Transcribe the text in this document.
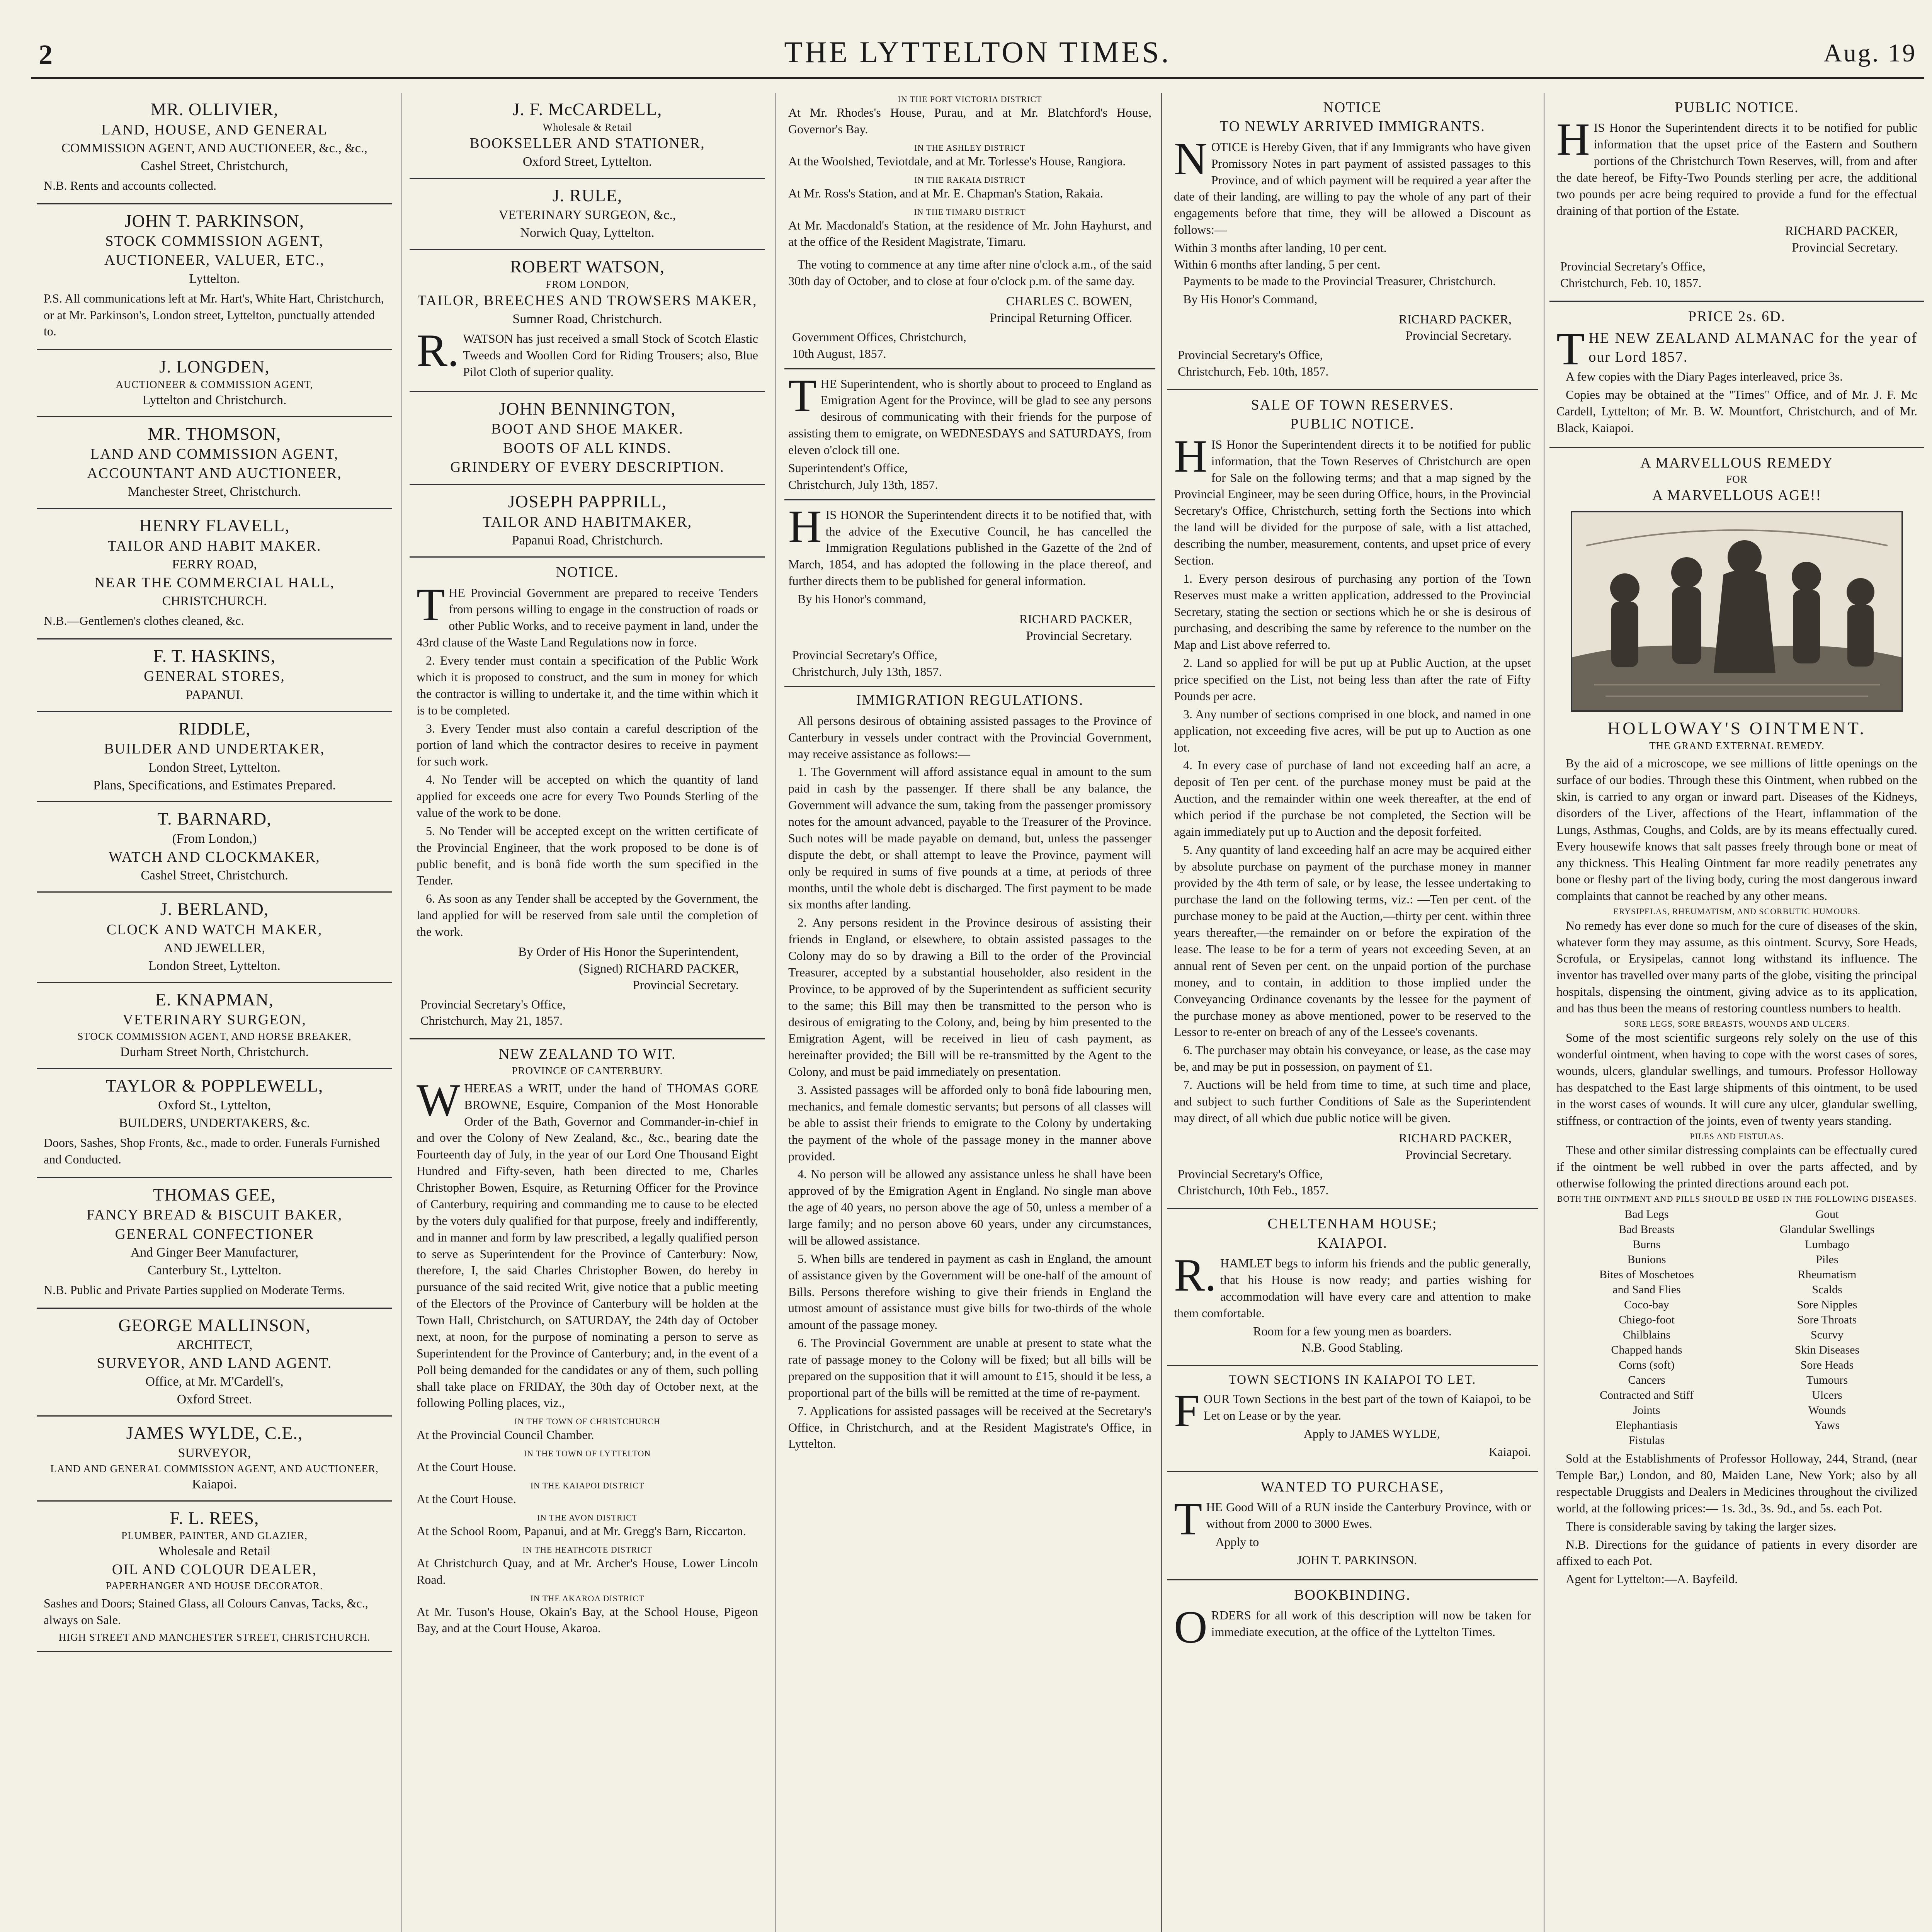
2	THE LYTTELTON TIMES.	Aug. 19
MR. OLLIVIER,
LAND, HOUSE, AND GENERAL
COMMISSION AGENT, AND AUCTIONEER, &c., &c.,
Cashel Street, Christchurch,
N.B. Rents and accounts collected.
JOHN T. PARKINSON,
STOCK COMMISSION AGENT,
AUCTIONEER, VALUER, ETC.,
Lyttelton.
P.S. All communications left at Mr. Hart's, White Hart, Christchurch, or at Mr. Parkinson's, London street, Lyttelton, punctually attended to.
J. LONGDEN,
AUCTIONEER & COMMISSION AGENT,
Lyttelton and Christchurch.
MR. THOMSON,
LAND AND COMMISSION AGENT,
ACCOUNTANT AND AUCTIONEER,
Manchester Street, Christchurch.
HENRY FLAVELL,
TAILOR AND HABIT MAKER.
FERRY ROAD,
NEAR THE COMMERCIAL HALL,
CHRISTCHURCH.
N.B.—Gentlemen's clothes cleaned, &c.
F. T. HASKINS,
GENERAL STORES,
PAPANUI.
RIDDLE,
BUILDER AND UNDERTAKER,
London Street, Lyttelton.
Plans, Specifications, and Estimates Prepared.
T. BARNARD,
(From London,)
WATCH AND CLOCKMAKER,
Cashel Street, Christchurch.
J. BERLAND,
CLOCK AND WATCH MAKER,
AND JEWELLER,
London Street, Lyttelton.
E. KNAPMAN,
VETERINARY SURGEON,
STOCK COMMISSION AGENT, AND HORSE BREAKER,
Durham Street North, Christchurch.
TAYLOR & POPPLEWELL,
Oxford St., Lyttelton,
BUILDERS, UNDERTAKERS, &c.
Doors, Sashes, Shop Fronts, &c., made to order. Funerals Furnished and Conducted.
THOMAS GEE,
FANCY BREAD & BISCUIT BAKER,
GENERAL CONFECTIONER
And Ginger Beer Manufacturer,
Canterbury St., Lyttelton.
N.B. Public and Private Parties supplied on Moderate Terms.
GEORGE MALLINSON,
ARCHITECT,
SURVEYOR, AND LAND AGENT.
Office, at Mr. M'Cardell's,
Oxford Street.
JAMES WYLDE, C.E.,
SURVEYOR,
LAND AND GENERAL COMMISSION AGENT, AND AUCTIONEER,
Kaiapoi.
F. L. REES,
PLUMBER, PAINTER, AND GLAZIER,
Wholesale and Retail
OIL AND COLOUR DEALER,
PAPERHANGER AND HOUSE DECORATOR.
Sashes and Doors; Stained Glass, all Colours Canvas, Tacks, &c., always on Sale.
HIGH STREET AND MANCHESTER STREET, CHRISTCHURCH.
J. F. McCARDELL,
Wholesale & Retail
BOOKSELLER AND STATIONER,
Oxford Street, Lyttelton.
J. RULE,
VETERINARY SURGEON, &c.,
Norwich Quay, Lyttelton.
ROBERT WATSON,
FROM LONDON,
TAILOR, BREECHES AND TROWSERS MAKER,
Sumner Road, Christchurch.

R. WATSON has just received a small Stock of Scotch Elastic Tweeds and Woollen Cord for Riding Trousers; also, Blue Pilot Cloth of superior quality.

JOHN BENNINGTON,
BOOT AND SHOE MAKER.
BOOTS OF ALL KINDS.
GRINDERY OF EVERY DESCRIPTION.
JOSEPH PAPPRILL,
TAILOR AND HABITMAKER,
Papanui Road, Christchurch.
NOTICE.

THE Provincial Government are prepared to receive Tenders from persons willing to engage in the construction of roads or other Public Works, and to receive payment in land, under the 43rd clause of the Waste Land Regulations now in force.

2. Every tender must contain a specification of the Public Work which it is proposed to construct, and the sum in money for which the contractor is willing to undertake it, and the time within which it is to be completed.

3. Every Tender must also contain a careful description of the portion of land which the contractor desires to receive in payment for such work.

4. No Tender will be accepted on which the quantity of land applied for exceeds one acre for every Two Pounds Sterling of the value of the work to be done.

5. No Tender will be accepted except on the written certificate of the Provincial Engineer, that the work proposed to be done is of public benefit, and is bonâ fide worth the sum specified in the Tender.

6. As soon as any Tender shall be accepted by the Government, the land applied for will be reserved from sale until the completion of the work.

By Order of His Honor the Superintendent,
(Signed) RICHARD PACKER,
Provincial Secretary.
Provincial Secretary's Office,
Christchurch, May 21, 1857.
NEW ZEALAND TO WIT.
PROVINCE OF CANTERBURY.

WHEREAS a WRIT, under the hand of THOMAS GORE BROWNE, Esquire, Companion of the Most Honorable Order of the Bath, Governor and Commander-in-chief in and over the Colony of New Zealand, &c., &c., bearing date the Fourteenth day of July, in the year of our Lord One Thousand Eight Hundred and Fifty-seven, hath been directed to me, Charles Christopher Bowen, Esquire, as Returning Officer for the Province of Canterbury, requiring and commanding me to cause to be elected by the voters duly qualified for that purpose, freely and indifferently, and in manner and form by law prescribed, a legally qualified person to serve as Superintendent for the Province of Canterbury: Now, therefore, I, the said Charles Christopher Bowen, do hereby in pursuance of the said recited Writ, give notice that a public meeting of the Electors of the Province of Canterbury will be holden at the Town Hall, Christchurch, on SATURDAY, the 24th day of October next, at noon, for the purpose of nominating a person to serve as Superintendent for the Province of Canterbury; and, in the event of a Poll being demanded for the candidates or any of them, such polling shall take place on FRIDAY, the 30th day of October next, at the following Polling places, viz.,

IN THE TOWN OF CHRISTCHURCH

At the Provincial Council Chamber.

IN THE TOWN OF LYTTELTON

At the Court House.

IN THE KAIAPOI DISTRICT

At the Court House.

IN THE AVON DISTRICT

At the School Room, Papanui, and at Mr. Gregg's Barn, Riccarton.

IN THE HEATHCOTE DISTRICT

At Christchurch Quay, and at Mr. Archer's House, Lower Lincoln Road.

IN THE AKAROA DISTRICT

At Mr. Tuson's House, Okain's Bay, at the School House, Pigeon Bay, and at the Court House, Akaroa.

IN THE PORT VICTORIA DISTRICT

At Mr. Rhodes's House, Purau, and at Mr. Blatchford's House, Governor's Bay.

IN THE ASHLEY DISTRICT

At the Woolshed, Teviotdale, and at Mr. Torlesse's House, Rangiora.

IN THE RAKAIA DISTRICT

At Mr. Ross's Station, and at Mr. E. Chapman's Station, Rakaia.

IN THE TIMARU DISTRICT

At Mr. Macdonald's Station, at the residence of Mr. John Hayhurst, and at the office of the Resident Magistrate, Timaru.

The voting to commence at any time after nine o'clock a.m., of the said 30th day of October, and to close at four o'clock p.m. of the same day.

CHARLES C. BOWEN,
Principal Returning Officer.
Government Offices, Christchurch,
10th August, 1857.

THE Superintendent, who is shortly about to proceed to England as Emigration Agent for the Province, will be glad to see any persons desirous of communicating with their friends for the purpose of assisting them to emigrate, on WEDNESDAYS and SATURDAYS, from eleven o'clock till one.

Superintendent's Office,
Christchurch, July 13th, 1857.

HIS HONOR the Superintendent directs it to be notified that, with the advice of the Executive Council, he has cancelled the Immigration Regulations published in the Gazette of the 2nd of March, 1854, and has adopted the following in the place thereof, and further directs them to be published for general information.

By his Honor's command,

RICHARD PACKER,
Provincial Secretary.
Provincial Secretary's Office,
Christchurch, July 13th, 1857.
IMMIGRATION REGULATIONS.

All persons desirous of obtaining assisted passages to the Province of Canterbury in vessels under contract with the Provincial Government, may receive assistance as follows:—

1. The Government will afford assistance equal in amount to the sum paid in cash by the passenger. If there shall be any balance, the Government will advance the sum, taking from the passenger promissory notes for the amount advanced, payable to the Treasurer of the Province. Such notes will be made payable on demand, but, unless the passenger dispute the debt, or shall attempt to leave the Province, payment will only be required in sums of five pounds at a time, at periods of three months, until the whole debt is discharged. The first payment to be made six months after landing.

2. Any persons resident in the Province desirous of assisting their friends in England, or elsewhere, to obtain assisted passages to the Colony may do so by drawing a Bill to the order of the Provincial Treasurer, accepted by a substantial householder, also resident in the Province, to be approved of by the Superintendent as sufficient security to the same; this Bill may then be transmitted to the person who is desirous of emigrating to the Colony, and, being by him presented to the Emigration Agent, will be received in lieu of cash payment, as hereinafter provided; the Bill will be re-transmitted by the Agent to the Colony, and must be paid immediately on presentation.

3. Assisted passages will be afforded only to bonâ fide labouring men, mechanics, and female domestic servants; but persons of all classes will be able to assist their friends to emigrate to the Colony by undertaking the payment of the whole of the passage money in the manner above provided.

4. No person will be allowed any assistance unless he shall have been approved of by the Emigration Agent in England. No single man above the age of 40 years, no person above the age of 50, unless a member of a large family; and no person above 60 years, under any circumstances, will be allowed assistance.

5. When bills are tendered in payment as cash in England, the amount of assistance given by the Government will be one-half of the amount of Bills. Persons therefore wishing to give their friends in England the utmost amount of assistance must give bills for two-thirds of the whole amount of the passage money.

6. The Provincial Government are unable at present to state what the rate of passage money to the Colony will be fixed; but all bills will be prepared on the supposition that it will amount to £15, should it be less, a proportional part of the bills will be remitted at the time of re-payment.

7. Applications for assisted passages will be received at the Secretary's Office, in Christchurch, and at the Resident Magistrate's Office, in Lyttelton.

NOTICE
TO NEWLY ARRIVED IMMIGRANTS.

NOTICE is Hereby Given, that if any Immigrants who have given Promissory Notes in part payment of assisted passages to this Province, and of which payment will be required a year after the date of their landing, are willing to pay the whole of any part of their engagements before that time, they will be allowed a Discount as follows:—

Within 3 months after landing, 10 per cent.
Within 6 months after landing, 5 per cent.

Payments to be made to the Provincial Treasurer, Christchurch.

By His Honor's Command,

RICHARD PACKER,
Provincial Secretary.
Provincial Secretary's Office,
Christchurch, Feb. 10th, 1857.
SALE OF TOWN RESERVES.
PUBLIC NOTICE.

HIS Honor the Superintendent directs it to be notified for public information, that the Town Reserves of Christchurch are open for Sale on the following terms; and that a map signed by the Provincial Engineer, may be seen during Office, hours, in the Provincial Secretary's Office, Christchurch, setting forth the Sections into which the land will be divided for the purpose of sale, with a list attached, describing the number, measurement, contents, and upset price of every Section.

1. Every person desirous of purchasing any portion of the Town Reserves must make a written application, addressed to the Provincial Secretary, stating the section or sections which he or she is desirous of purchasing, and describing the same by reference to the number on the Map and List above referred to.

2. Land so applied for will be put up at Public Auction, at the upset price specified on the List, not being less than after the rate of Fifty Pounds per acre.

3. Any number of sections comprised in one block, and named in one application, not exceeding five acres, will be put up to Auction as one lot.

4. In every case of purchase of land not exceeding half an acre, a deposit of Ten per cent. of the purchase money must be paid at the Auction, and the remainder within one week thereafter, at the end of which period if the purchase be not completed, the Section will be again immediately put up to Auction and the deposit forfeited.

5. Any quantity of land exceeding half an acre may be acquired either by absolute purchase on payment of the purchase money in manner provided by the 4th term of sale, or by lease, the lessee undertaking to purchase the land on the following terms, viz.: —Ten per cent. of the purchase money to be paid at the Auction,—thirty per cent. within three years thereafter,—the remainder on or before the expiration of the lease. The lease to be for a term of years not exceeding Seven, at an annual rent of Seven per cent. on the unpaid portion of the purchase money, and to contain, in addition to those implied under the Conveyancing Ordinance covenants by the lessee for the payment of the purchase money as above mentioned, power to be reserved to the Lessor to re-enter on breach of any of the Lessee's covenants.

6. The purchaser may obtain his conveyance, or lease, as the case may be, and may be put in possession, on payment of £1.

7. Auctions will be held from time to time, at such time and place, and subject to such further Conditions of Sale as the Superintendent may direct, of all which due public notice will be given.

RICHARD PACKER,
Provincial Secretary.
Provincial Secretary's Office,
Christchurch, 10th Feb., 1857.
CHELTENHAM HOUSE;
KAIAPOI.

R. HAMLET begs to inform his friends and the public generally, that his House is now ready; and parties wishing for accommodation will have every care and attention to make them comfortable.

Room for a few young men as boarders.
N.B. Good Stabling.
TOWN SECTIONS IN KAIAPOI TO LET.

FOUR Town Sections in the best part of the town of Kaiapoi, to be Let on Lease or by the year.

Apply to JAMES WYLDE,

Kaiapoi.

WANTED TO PURCHASE,

THE Good Will of a RUN inside the Canterbury Province, with or without from 2000 to 3000 Ewes.

Apply to

JOHN T. PARKINSON.

BOOKBINDING.

ORDERS for all work of this description will now be taken for immediate execution, at the office of the Lyttelton Times.

PUBLIC NOTICE.

HIS Honor the Superintendent directs it to be notified for public information that the upset price of the Eastern and Southern portions of the Christchurch Town Reserves, will, from and after the date hereof, be Fifty-Two Pounds sterling per acre, the additional two pounds per acre being required to provide a fund for the effectual draining of that portion of the Estate.

RICHARD PACKER,
Provincial Secretary.
Provincial Secretary's Office,
Christchurch, Feb. 10, 1857.
PRICE 2s. 6D.

THE NEW ZEALAND ALMANAC for the year of our Lord 1857.

A few copies with the Diary Pages interleaved, price 3s.

Copies may be obtained at the "Times" Office, and of Mr. J. F. Mc Cardell, Lyttelton; of Mr. B. W. Mountfort, Christchurch, and of Mr. Black, Kaiapoi.

A MARVELLOUS REMEDY
FOR
A MARVELLOUS AGE!!
HOLLOWAY'S OINTMENT.
THE GRAND EXTERNAL REMEDY.

By the aid of a microscope, we see millions of little openings on the surface of our bodies. Through these this Ointment, when rubbed on the skin, is carried to any organ or inward part. Diseases of the Kidneys, disorders of the Liver, affections of the Heart, inflammation of the Lungs, Asthmas, Coughs, and Colds, are by its means effectually cured. Every housewife knows that salt passes freely through bone or meat of any thickness. This Healing Ointment far more readily penetrates any bone or fleshy part of the living body, curing the most dangerous inward complaints that cannot be reached by any other means.

ERYSIPELAS, RHEUMATISM, AND SCORBUTIC HUMOURS.

No remedy has ever done so much for the cure of diseases of the skin, whatever form they may assume, as this ointment. Scurvy, Sore Heads, Scrofula, or Erysipelas, cannot long withstand its influence. The inventor has travelled over many parts of the globe, visiting the principal hospitals, dispensing the ointment, giving advice as to its application, and has thus been the means of restoring countless numbers to health.

SORE LEGS, SORE BREASTS, WOUNDS AND ULCERS.

Some of the most scientific surgeons rely solely on the use of this wonderful ointment, when having to cope with the worst cases of sores, wounds, ulcers, glandular swellings, and tumours. Professor Holloway has despatched to the East large shipments of this ointment, to be used in the worst cases of wounds. It will cure any ulcer, glandular swelling, stiffness, or contraction of the joints, even of twenty years standing.

PILES AND FISTULAS.

These and other similar distressing complaints can be effectually cured if the ointment be well rubbed in over the parts affected, and by otherwise following the printed directions around each pot.

BOTH THE OINTMENT AND PILLS SHOULD BE USED IN THE FOLLOWING DISEASES.
Bad Legs
Bad Breasts
Burns
Bunions
Bites of Moschetoes
and Sand Flies
Coco-bay
Chiego-foot
Chilblains
Chapped hands
Corns (soft)
Cancers
Contracted and Stiff
Joints
Elephantiasis
Fistulas
Gout
Glandular Swellings
Lumbago
Piles
Rheumatism
Scalds
Sore Nipples
Sore Throats
Scurvy
Skin Diseases
Sore Heads
Tumours
Ulcers
Wounds
Yaws

Sold at the Establishments of Professor Holloway, 244, Strand, (near Temple Bar,) London, and 80, Maiden Lane, New York; also by all respectable Druggists and Dealers in Medicines throughout the civilized world, at the following prices:— 1s. 3d., 3s. 9d., and 5s. each Pot.

There is considerable saving by taking the larger sizes.

N.B. Directions for the guidance of patients in every disorder are affixed to each Pot.

Agent for Lyttelton:—A. Bayfeild.
